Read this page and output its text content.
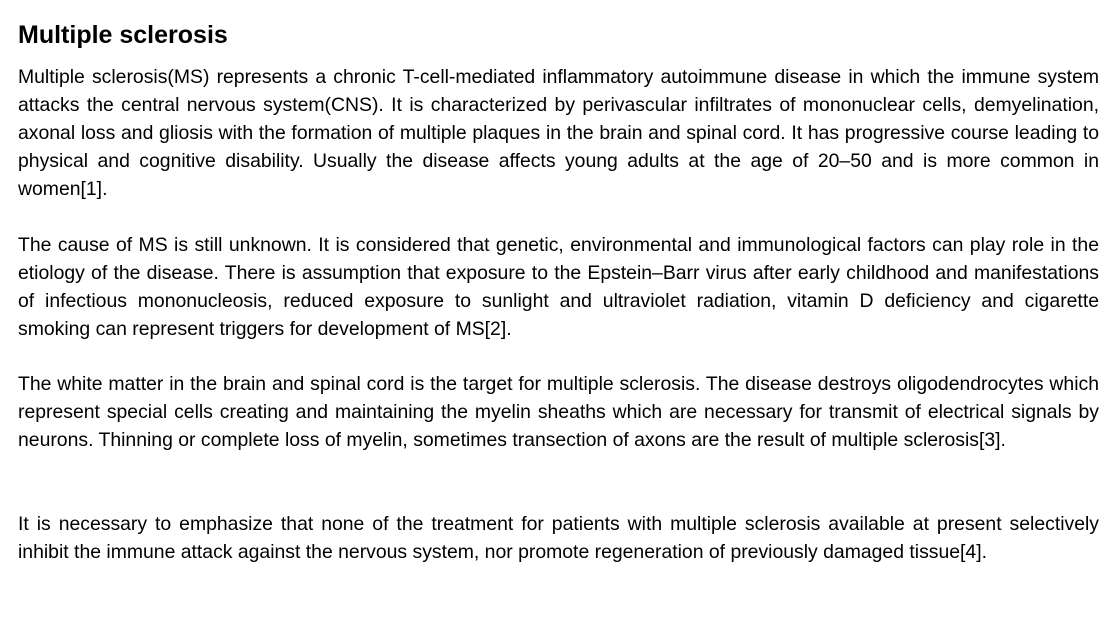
Multiple sclerosis

Multiple sclerosis(MS) represents a chronic T-cell-mediated inflammatory autoimmune disease in which the immune system attacks the central nervous system(CNS). It is characterized by perivascular infiltrates of mononuclear cells, demyelination, axonal loss and gliosis with the formation of multiple plaques in the brain and spinal cord. It has progressive course leading to physical and cognitive disability. Usually the disease affects young adults at the age of 20–50 and is more common in women[1].

The cause of MS is still unknown. It is considered that genetic, environmental and immunological factors can play role in the etiology of the disease. There is assumption that exposure to the Epstein–Barr virus after early childhood and manifestations of infectious mononucleosis, reduced exposure to sunlight and ultraviolet radiation, vitamin D deficiency and cigarette smoking can represent triggers for development of MS[2].

The white matter in the brain and spinal cord is the target for multiple sclerosis. The disease destroys oligodendrocytes which represent special cells creating and maintaining the myelin sheaths which are necessary for transmit of electrical signals by neurons. Thinning or complete loss of myelin, sometimes transection of axons are the result of multiple sclerosis[3].

It is necessary to emphasize that none of the treatment for patients with multiple sclerosis available at present selectively inhibit the immune attack against the nervous system, nor promote regeneration of previously damaged tissue[4].
